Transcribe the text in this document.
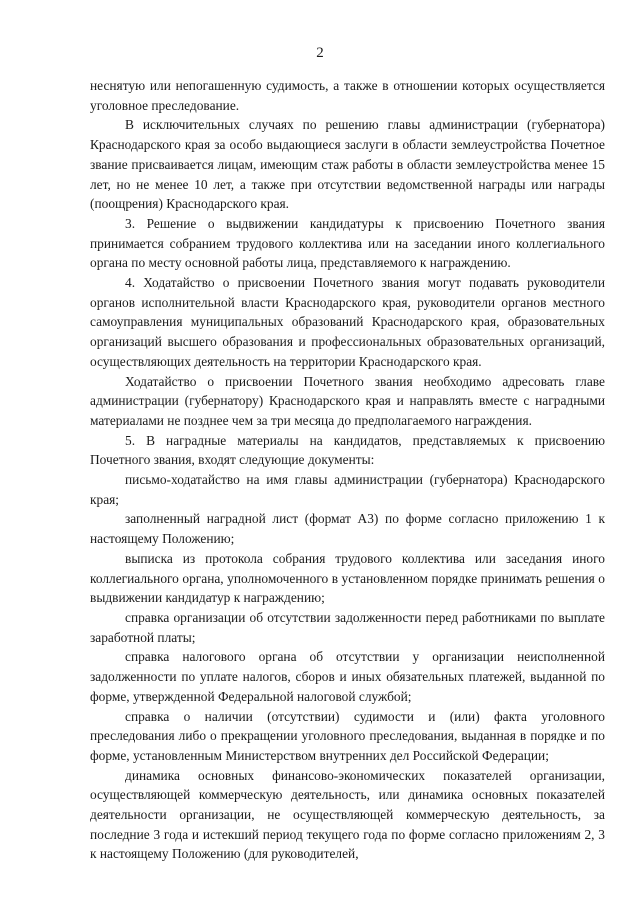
2

неснятую или непогашенную судимость, а также в отношении которых осуществляется уголовное преследование.

В исключительных случаях по решению главы администрации (губернатора) Краснодарского края за особо выдающиеся заслуги в области землеустройства Почетное звание присваивается лицам, имеющим стаж работы в области землеустройства менее 15 лет, но не менее 10 лет, а также при отсутствии ведомственной награды или награды (поощрения) Краснодарского края.

3. Решение о выдвижении кандидатуры к присвоению Почетного звания принимается собранием трудового коллектива или на заседании иного коллегиального органа по месту основной работы лица, представляемого к награждению.

4. Ходатайство о присвоении Почетного звания могут подавать руководители органов исполнительной власти Краснодарского края, руководители органов местного самоуправления муниципальных образований Краснодарского края, образовательных организаций высшего образования и профессиональных образовательных организаций, осуществляющих деятельность на территории Краснодарского края.

Ходатайство о присвоении Почетного звания необходимо адресовать главе администрации (губернатору) Краснодарского края и направлять вместе с наградными материалами не позднее чем за три месяца до предполагаемого награждения.

5. В наградные материалы на кандидатов, представляемых к присвоению Почетного звания, входят следующие документы:

письмо-ходатайство на имя главы администрации (губернатора) Краснодарского края;

заполненный наградной лист (формат А3) по форме согласно приложению 1 к настоящему Положению;

выписка из протокола собрания трудового коллектива или заседания иного коллегиального органа, уполномоченного в установленном порядке принимать решения о выдвижении кандидатур к награждению;

справка организации об отсутствии задолженности перед работниками по выплате заработной платы;

справка налогового органа об отсутствии у организации неисполненной задолженности по уплате налогов, сборов и иных обязательных платежей, выданной по форме, утвержденной Федеральной налоговой службой;

справка о наличии (отсутствии) судимости и (или) факта уголовного преследования либо о прекращении уголовного преследования, выданная в порядке и по форме, установленным Министерством внутренних дел Российской Федерации;

динамика основных финансово-экономических показателей организации, осуществляющей коммерческую деятельность, или динамика основных показателей деятельности организации, не осуществляющей коммерческую деятельность, за последние 3 года и истекший период текущего года по форме согласно приложениям 2, 3 к настоящему Положению (для руководителей,
